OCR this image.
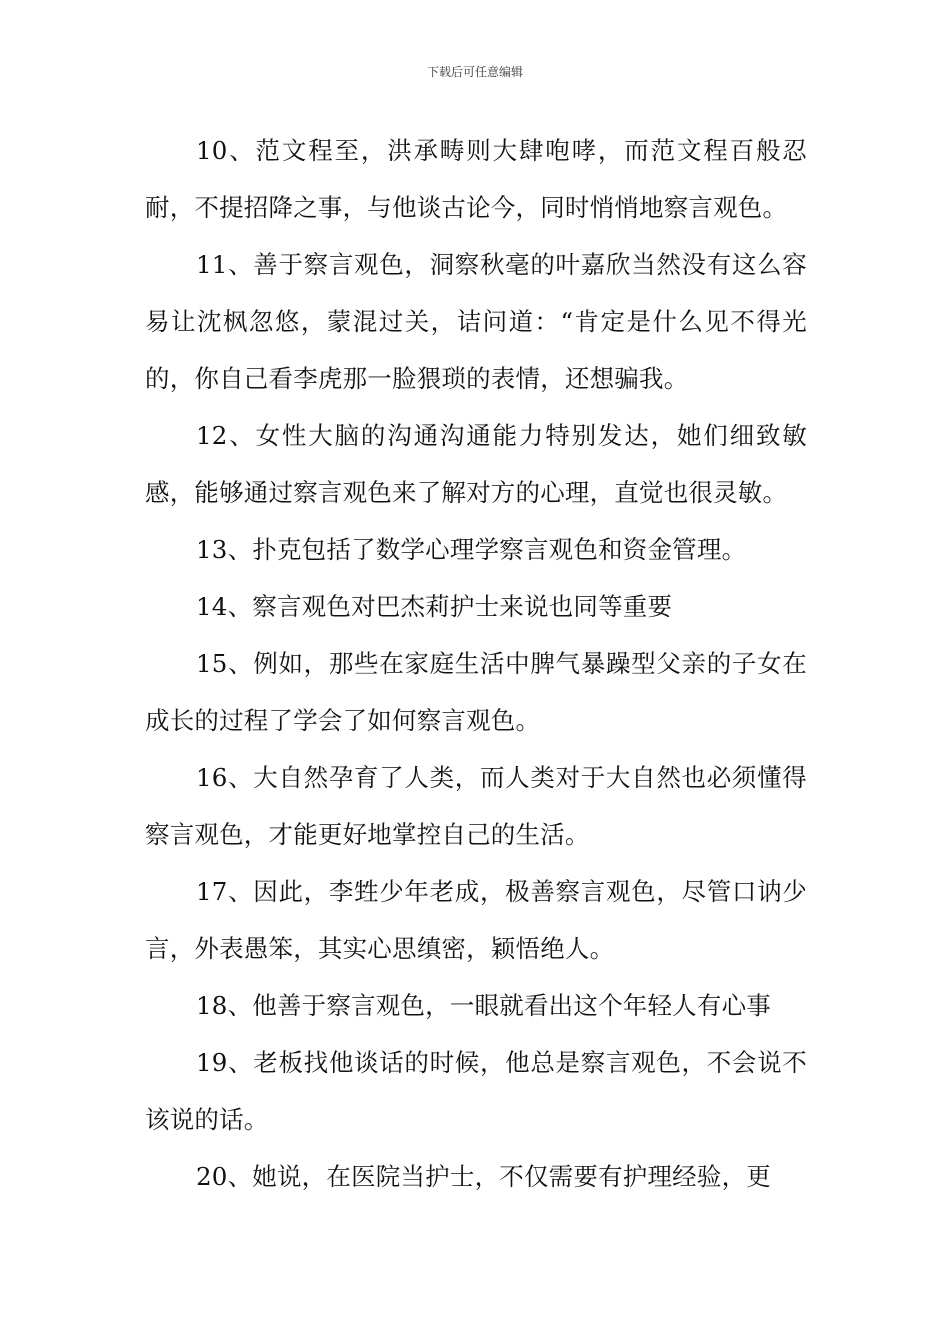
下载后可任意编辑

10、范文程至，洪承畴则大肆咆哮，而范文程百般忍耐，不提招降之事，与他谈古论今，同时悄悄地察言观色。

11、善于察言观色，洞察秋毫的叶嘉欣当然没有这么容易让沈枫忽悠，蒙混过关，诘问道：“肯定是什么见不得光的，你自己看李虎那一脸猥琐的表情，还想骗我。

12、女性大脑的沟通沟通能力特别发达，她们细致敏感，能够通过察言观色来了解对方的心理，直觉也很灵敏。

13、扑克包括了数学心理学察言观色和资金管理。

14、察言观色对巴杰莉护士来说也同等重要

15、例如，那些在家庭生活中脾气暴躁型父亲的子女在成长的过程了学会了如何察言观色。

16、大自然孕育了人类，而人类对于大自然也必须懂得察言观色，才能更好地掌控自己的生活。

17、因此，李甡少年老成，极善察言观色，尽管口讷少言，外表愚笨，其实心思缜密，颖悟绝人。

18、他善于察言观色，一眼就看出这个年轻人有心事

19、老板找他谈话的时候，他总是察言观色，不会说不该说的话。

20、她说，在医院当护士，不仅需要有护理经验，更
